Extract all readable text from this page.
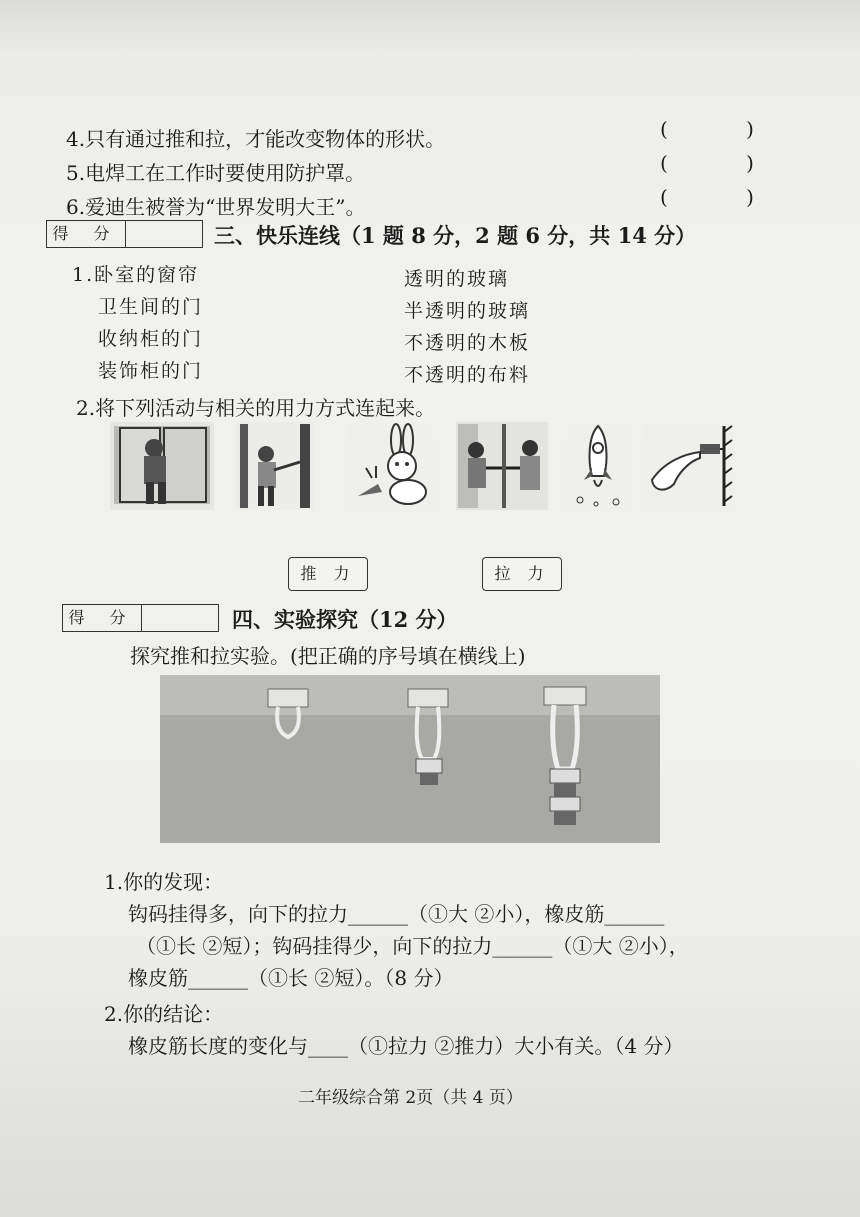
4.只有通过推和拉，才能改变物体的形状。	( )
5.电焊工在工作时要使用防护罩。	( )
6.爱迪生被誉为“世界发明大王”。	( )
得 分	三、快乐连线（1 题 8 分，2 题 6 分，共 14 分）
1.卧室的窗帘
卫生间的门
收纳柜的门
装饰柜的门
透明的玻璃
半透明的玻璃
不透明的木板
不透明的布料
2.将下列活动与相关的用力方式连起来。
推 力	拉 力
得 分	四、实验探究（12 分）
探究推和拉实验。(把正确的序号填在横线上)
1.你的发现：
钩码挂得多，向下的拉力______（①大 ②小），橡皮筋______
（①长 ②短）；钩码挂得少，向下的拉力______（①大 ②小），
橡皮筋______（①长 ②短）。（8 分）
2.你的结论：
橡皮筋长度的变化与____（①拉力 ②推力）大小有关。（4 分）
二年级综合第 2页（共 4 页）
